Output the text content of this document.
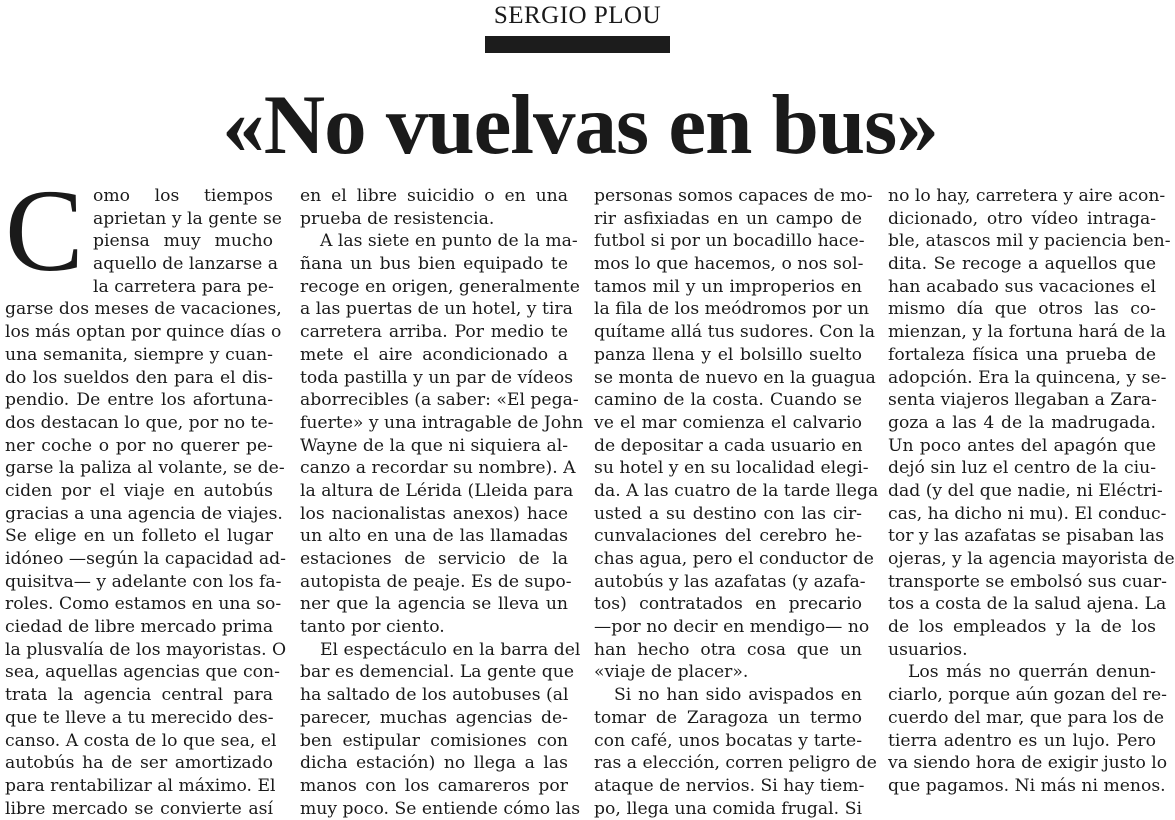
SERGIO PLOU
«No vuelvas en bus»
C omo los tiempos
aprietan y la gente se
piensa muy mucho
aquello de lanzarse a
la carretera para pe-
garse dos meses de vacaciones,
los más optan por quince días o
una semanita, siempre y cuan-
do los sueldos den para el dis-
pendio. De entre los afortuna-
dos destacan lo que, por no te-
ner coche o por no querer pe-
garse la paliza al volante, se de-
ciden por el viaje en autobús
gracias a una agencia de viajes.
Se elige en un folleto el lugar
idóneo —según la capacidad ad-
quisitva— y adelante con los fa-
roles. Como estamos en una so-
ciedad de libre mercado prima
la plusvalía de los mayoristas. O
sea, aquellas agencias que con-
trata la agencia central para
que te lleve a tu merecido des-
canso. A costa de lo que sea, el
autobús ha de ser amortizado
para rentabilizar al máximo. El
libre mercado se convierte así
en el libre suicidio o en una
prueba de resistencia.
A las siete en punto de la ma-
ñana un bus bien equipado te
recoge en origen, generalmente
a las puertas de un hotel, y tira
carretera arriba. Por medio te
mete el aire acondicionado a
toda pastilla y un par de vídeos
aborrecibles (a saber: «El pega-
fuerte» y una intragable de John
Wayne de la que ni siquiera al-
canzo a recordar su nombre). A
la altura de Lérida (Lleida para
los nacionalistas anexos) hace
un alto en una de las llamadas
estaciones de servicio de la
autopista de peaje. Es de supo-
ner que la agencia se lleva un
tanto por ciento.
El espectáculo en la barra del
bar es demencial. La gente que
ha saltado de los autobuses (al
parecer, muchas agencias de-
ben estipular comisiones con
dicha estación) no llega a las
manos con los camareros por
muy poco. Se entiende cómo las
personas somos capaces de mo-
rir asfixiadas en un campo de
futbol si por un bocadillo hace-
mos lo que hacemos, o nos sol-
tamos mil y un improperios en
la fila de los meódromos por un
quítame allá tus sudores. Con la
panza llena y el bolsillo suelto
se monta de nuevo en la guagua
camino de la costa. Cuando se
ve el mar comienza el calvario
de depositar a cada usuario en
su hotel y en su localidad elegi-
da. A las cuatro de la tarde llega
usted a su destino con las cir-
cunvalaciones del cerebro he-
chas agua, pero el conductor de
autobús y las azafatas (y azafa-
tos) contratados en precario
—por no decir en mendigo— no
han hecho otra cosa que un
«viaje de placer».
Si no han sido avispados en
tomar de Zaragoza un termo
con café, unos bocatas y tarte-
ras a elección, corren peligro de
ataque de nervios. Si hay tiem-
po, llega una comida frugal. Si
no lo hay, carretera y aire acon-
dicionado, otro vídeo intraga-
ble, atascos mil y paciencia ben-
dita. Se recoge a aquellos que
han acabado sus vacaciones el
mismo día que otros las co-
mienzan, y la fortuna hará de la
fortaleza física una prueba de
adopción. Era la quincena, y se-
senta viajeros llegaban a Zara-
goza a las 4 de la madrugada.
Un poco antes del apagón que
dejó sin luz el centro de la ciu-
dad (y del que nadie, ni Eléctri-
cas, ha dicho ni mu). El conduc-
tor y las azafatas se pisaban las
ojeras, y la agencia mayorista de
transporte se embolsó sus cuar-
tos a costa de la salud ajena. La
de los empleados y la de los
usuarios.
Los más no querrán denun-
ciarlo, porque aún gozan del re-
cuerdo del mar, que para los de
tierra adentro es un lujo. Pero
va siendo hora de exigir justo lo
que pagamos. Ni más ni menos.
